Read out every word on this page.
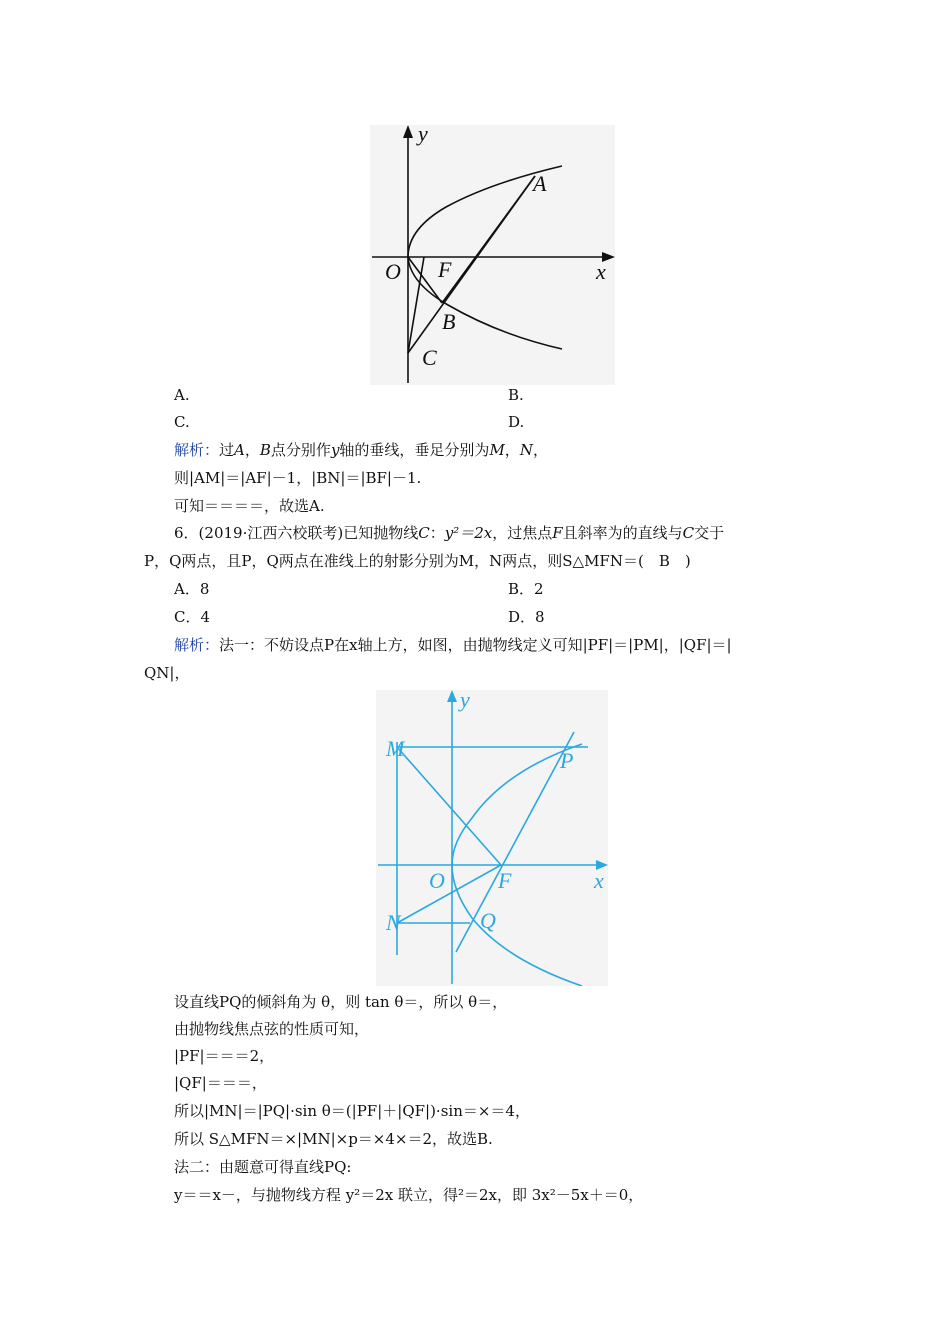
y
x
O F
A
B
C
A.	B.
C.	D.
解析：过A，B点分别作y轴的垂线，垂足分别为M，N，
则|AM|＝|AF|－1，|BN|＝|BF|－1.
可知＝＝＝＝，故选A.
6．(2019·江西六校联考)已知抛物线C：y²＝2x，过焦点F且斜率为的直线与C交于
P，Q两点，且P，Q两点在准线上的射影分别为M，N两点，则S△MFN＝(　B　)
A．8	B．2
C．4	D．8
解析：法一：不妨设点P在x轴上方，如图，由抛物线定义可知|PF|＝|PM|，|QF|＝|
QN|，
y
x
O F
M	P
N	Q
设直线PQ的倾斜角为 θ，则 tan θ＝，所以 θ＝，
由抛物线焦点弦的性质可知，
|PF|＝＝＝2，
|QF|＝＝＝，
所以|MN|＝|PQ|·sin θ＝(|PF|＋|QF|)·sin＝×＝4，
所以 S△MFN＝×|MN|×p＝×4×＝2，故选B.
法二：由题意可得直线PQ:
y＝＝x－，与抛物线方程 y²＝2x 联立，得²＝2x，即 3x²－5x＋＝0，
